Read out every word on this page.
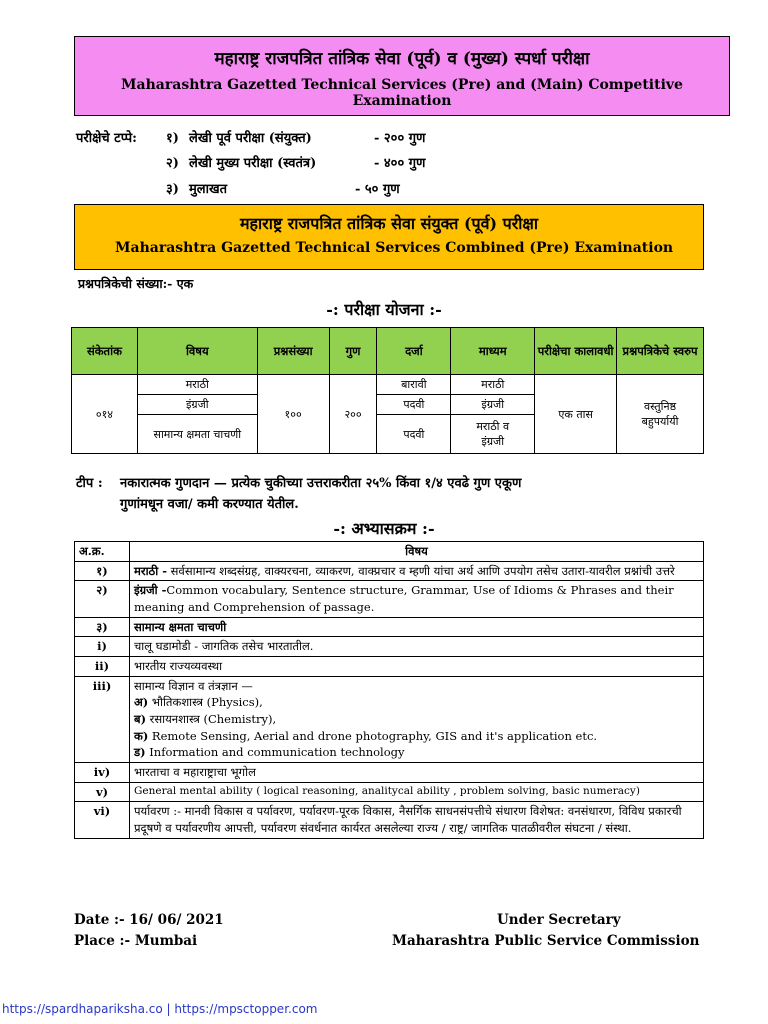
महाराष्ट्र राजपत्रित तांत्रिक सेवा (पूर्व) व (मुख्य) स्पर्धा परीक्षा
Maharashtra Gazetted Technical Services (Pre) and (Main) Competitive Examination
परीक्षेचे टप्पे: १) लेखी पूर्व परीक्षा (संयुक्त)	- २०० गुण
२) लेखी मुख्य परीक्षा (स्वतंत्र)	- ४०० गुण
३) मुलाखत	- ५० गुण
महाराष्ट्र राजपत्रित तांत्रिक सेवा संयुक्त (पूर्व) परीक्षा
Maharashtra Gazetted Technical Services Combined (Pre) Examination
प्रश्नपत्रिकेची संख्या:- एक
-: परीक्षा योजना :-
संकेतांक	विषय	प्रश्नसंख्या	गुण	दर्जा	माध्यम	परीक्षेचा कालावधी	प्रश्नपत्रिकेचे स्वरुप
०१४	मराठी	१००	२००	बारावी	मराठी	एक तास	वस्तुनिष्ठ बहुपर्यायी
	इंग्रजी			पदवी	इंग्रजी		
	सामान्य क्षमता चाचणी			पदवी	मराठी व इंग्रजी		
टीप : नकारात्मक गुणदान — प्रत्येक चुकीच्या उत्तराकरीता २५% किंवा १/४ एवढे गुण एकूण
गुणांमधून वजा/ कमी करण्यात येतील.
-: अभ्यासक्रम :-
अ.क्र.	विषय
१)	मराठी - सर्वसामान्य शब्दसंग्रह, वाक्यरचना, व्याकरण, वाक्प्रचार व म्हणी यांचा अर्थ आणि उपयोग तसेच उतारा-यावरील प्रश्नांची उत्तरे
२)	इंग्रजी -Common vocabulary, Sentence structure, Grammar, Use of Idioms & Phrases and their meaning and Comprehension of passage.
३)	सामान्य क्षमता चाचणी
i)	चालू घडामोडी - जागतिक तसेच भारतातील.
ii)	भारतीय राज्यव्यवस्था
iii)	सामान्य विज्ञान व तंत्रज्ञान —
अ) भौतिकशास्त्र (Physics),
ब) रसायनशास्त्र (Chemistry),
क) Remote Sensing, Aerial and drone photography, GIS and it's application etc.
ड) Information and communication technology

iv)	भारताचा व महाराष्ट्राचा भूगोल
v)	General mental ability ( logical reasoning, analitycal ability , problem solving, basic numeracy)
vi)	पर्यावरण :- मानवी विकास व पर्यावरण, पर्यावरण-पूरक विकास, नैसर्गिक साधनसंपत्तीचे संधारण विशेषत: वनसंधारण, विविध प्रकारची प्रदूषणे व पर्यावरणीय आपत्ती, पर्यावरण संवर्धनात कार्यरत असलेल्या राज्य / राष्ट्र/ जागतिक पातळीवरील संघटना / संस्था.
Date :- 16/ 06/ 2021
Place :- Mumbai
Under Secretary
Maharashtra Public Service Commission
https://spardhapariksha.co | https://mpsctopper.com
